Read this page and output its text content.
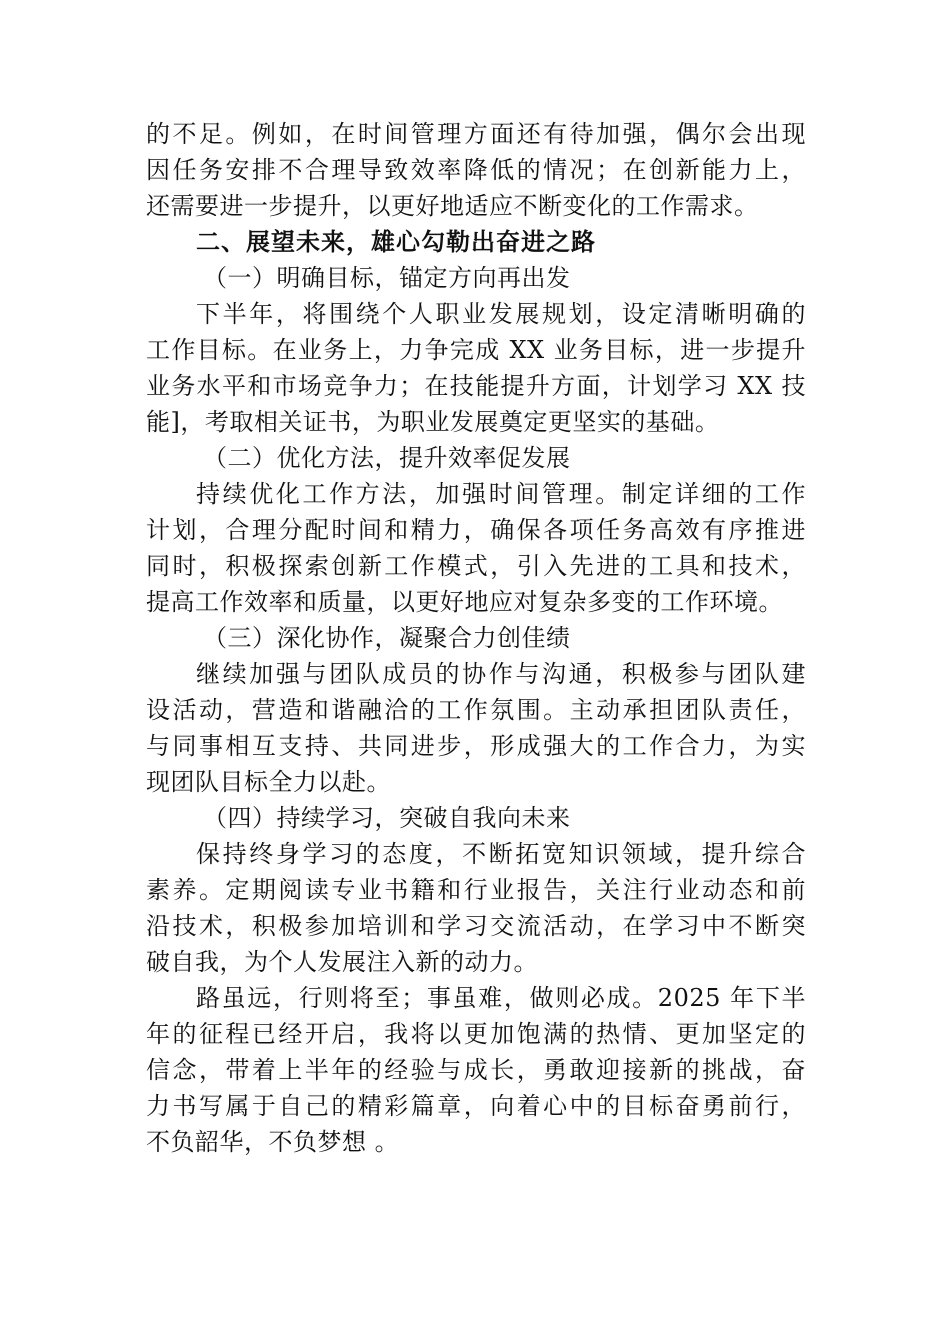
的不足。例如，在时间管理方面还有待加强，偶尔会出现
因任务安排不合理导致效率降低的情况；在创新能力上，
还需要进一步提升，以更好地适应不断变化的工作需求。
二、展望未来，雄心勾勒出奋进之路
（一）明确目标，锚定方向再出发
下半年，将围绕个人职业发展规划，设定清晰明确的
工作目标。在业务上，力争完成 XX 业务目标，进一步提升
业务水平和市场竞争力；在技能提升方面，计划学习 XX 技
能]，考取相关证书，为职业发展奠定更坚实的基础。
（二）优化方法，提升效率促发展
持续优化工作方法，加强时间管理。制定详细的工作
计划，合理分配时间和精力，确保各项任务高效有序推进
同时，积极探索创新工作模式，引入先进的工具和技术，
提高工作效率和质量，以更好地应对复杂多变的工作环境。
（三）深化协作，凝聚合力创佳绩
继续加强与团队成员的协作与沟通，积极参与团队建
设活动，营造和谐融洽的工作氛围。主动承担团队责任，
与同事相互支持、共同进步，形成强大的工作合力，为实
现团队目标全力以赴。
（四）持续学习，突破自我向未来
保持终身学习的态度，不断拓宽知识领域，提升综合
素养。定期阅读专业书籍和行业报告，关注行业动态和前
沿技术，积极参加培训和学习交流活动，在学习中不断突
破自我，为个人发展注入新的动力。
路虽远，行则将至；事虽难，做则必成。2025 年下半
年的征程已经开启，我将以更加饱满的热情、更加坚定的
信念，带着上半年的经验与成长，勇敢迎接新的挑战，奋
力书写属于自己的精彩篇章，向着心中的目标奋勇前行，
不负韶华，不负梦想 。
